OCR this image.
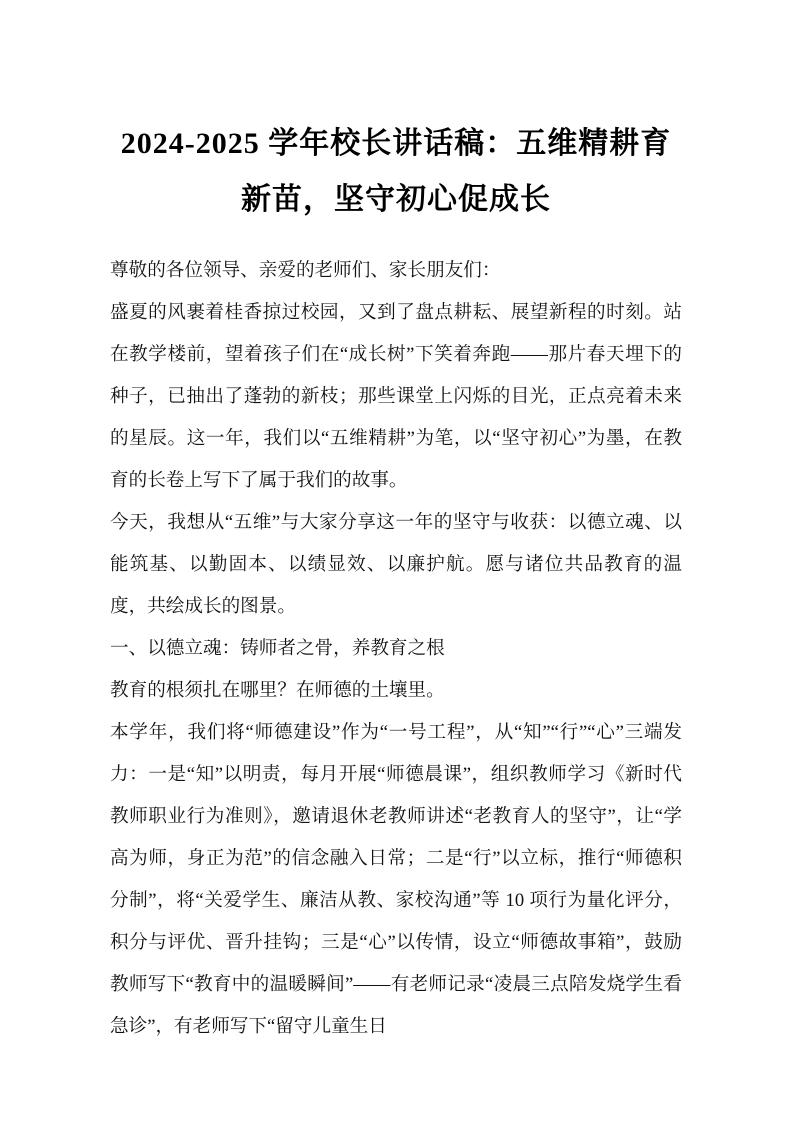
2024-2025 学年校长讲话稿：五维精耕育新苗，坚守初心促成长

尊敬的各位领导、亲爱的老师们、家长朋友们：

盛夏的风裹着桂香掠过校园，又到了盘点耕耘、展望新程的时刻。站在教学楼前，望着孩子们在“成长树”下笑着奔跑——那片春天埋下的种子，已抽出了蓬勃的新枝；那些课堂上闪烁的目光，正点亮着未来的星辰。这一年，我们以“五维精耕”为笔，以“坚守初心”为墨，在教育的长卷上写下了属于我们的故事。

今天，我想从“五维”与大家分享这一年的坚守与收获：以德立魂、以能筑基、以勤固本、以绩显效、以廉护航。愿与诸位共品教育的温度，共绘成长的图景。

一、以德立魂：铸师者之骨，养教育之根

教育的根须扎在哪里？在师德的土壤里。

本学年，我们将“师德建设”作为“一号工程”，从“知”“行”“心”三端发力：一是“知”以明责，每月开展“师德晨课”，组织教师学习《新时代教师职业行为准则》，邀请退休老教师讲述“老教育人的坚守”，让“学高为师，身正为范”的信念融入日常；二是“行”以立标，推行“师德积分制”，将“关爱学生、廉洁从教、家校沟通”等 10 项行为量化评分，积分与评优、晋升挂钩；三是“心”以传情，设立“师德故事箱”，鼓励教师写下“教育中的温暖瞬间”——有老师记录“凌晨三点陪发烧学生看急诊”，有老师写下“留守儿童生日
